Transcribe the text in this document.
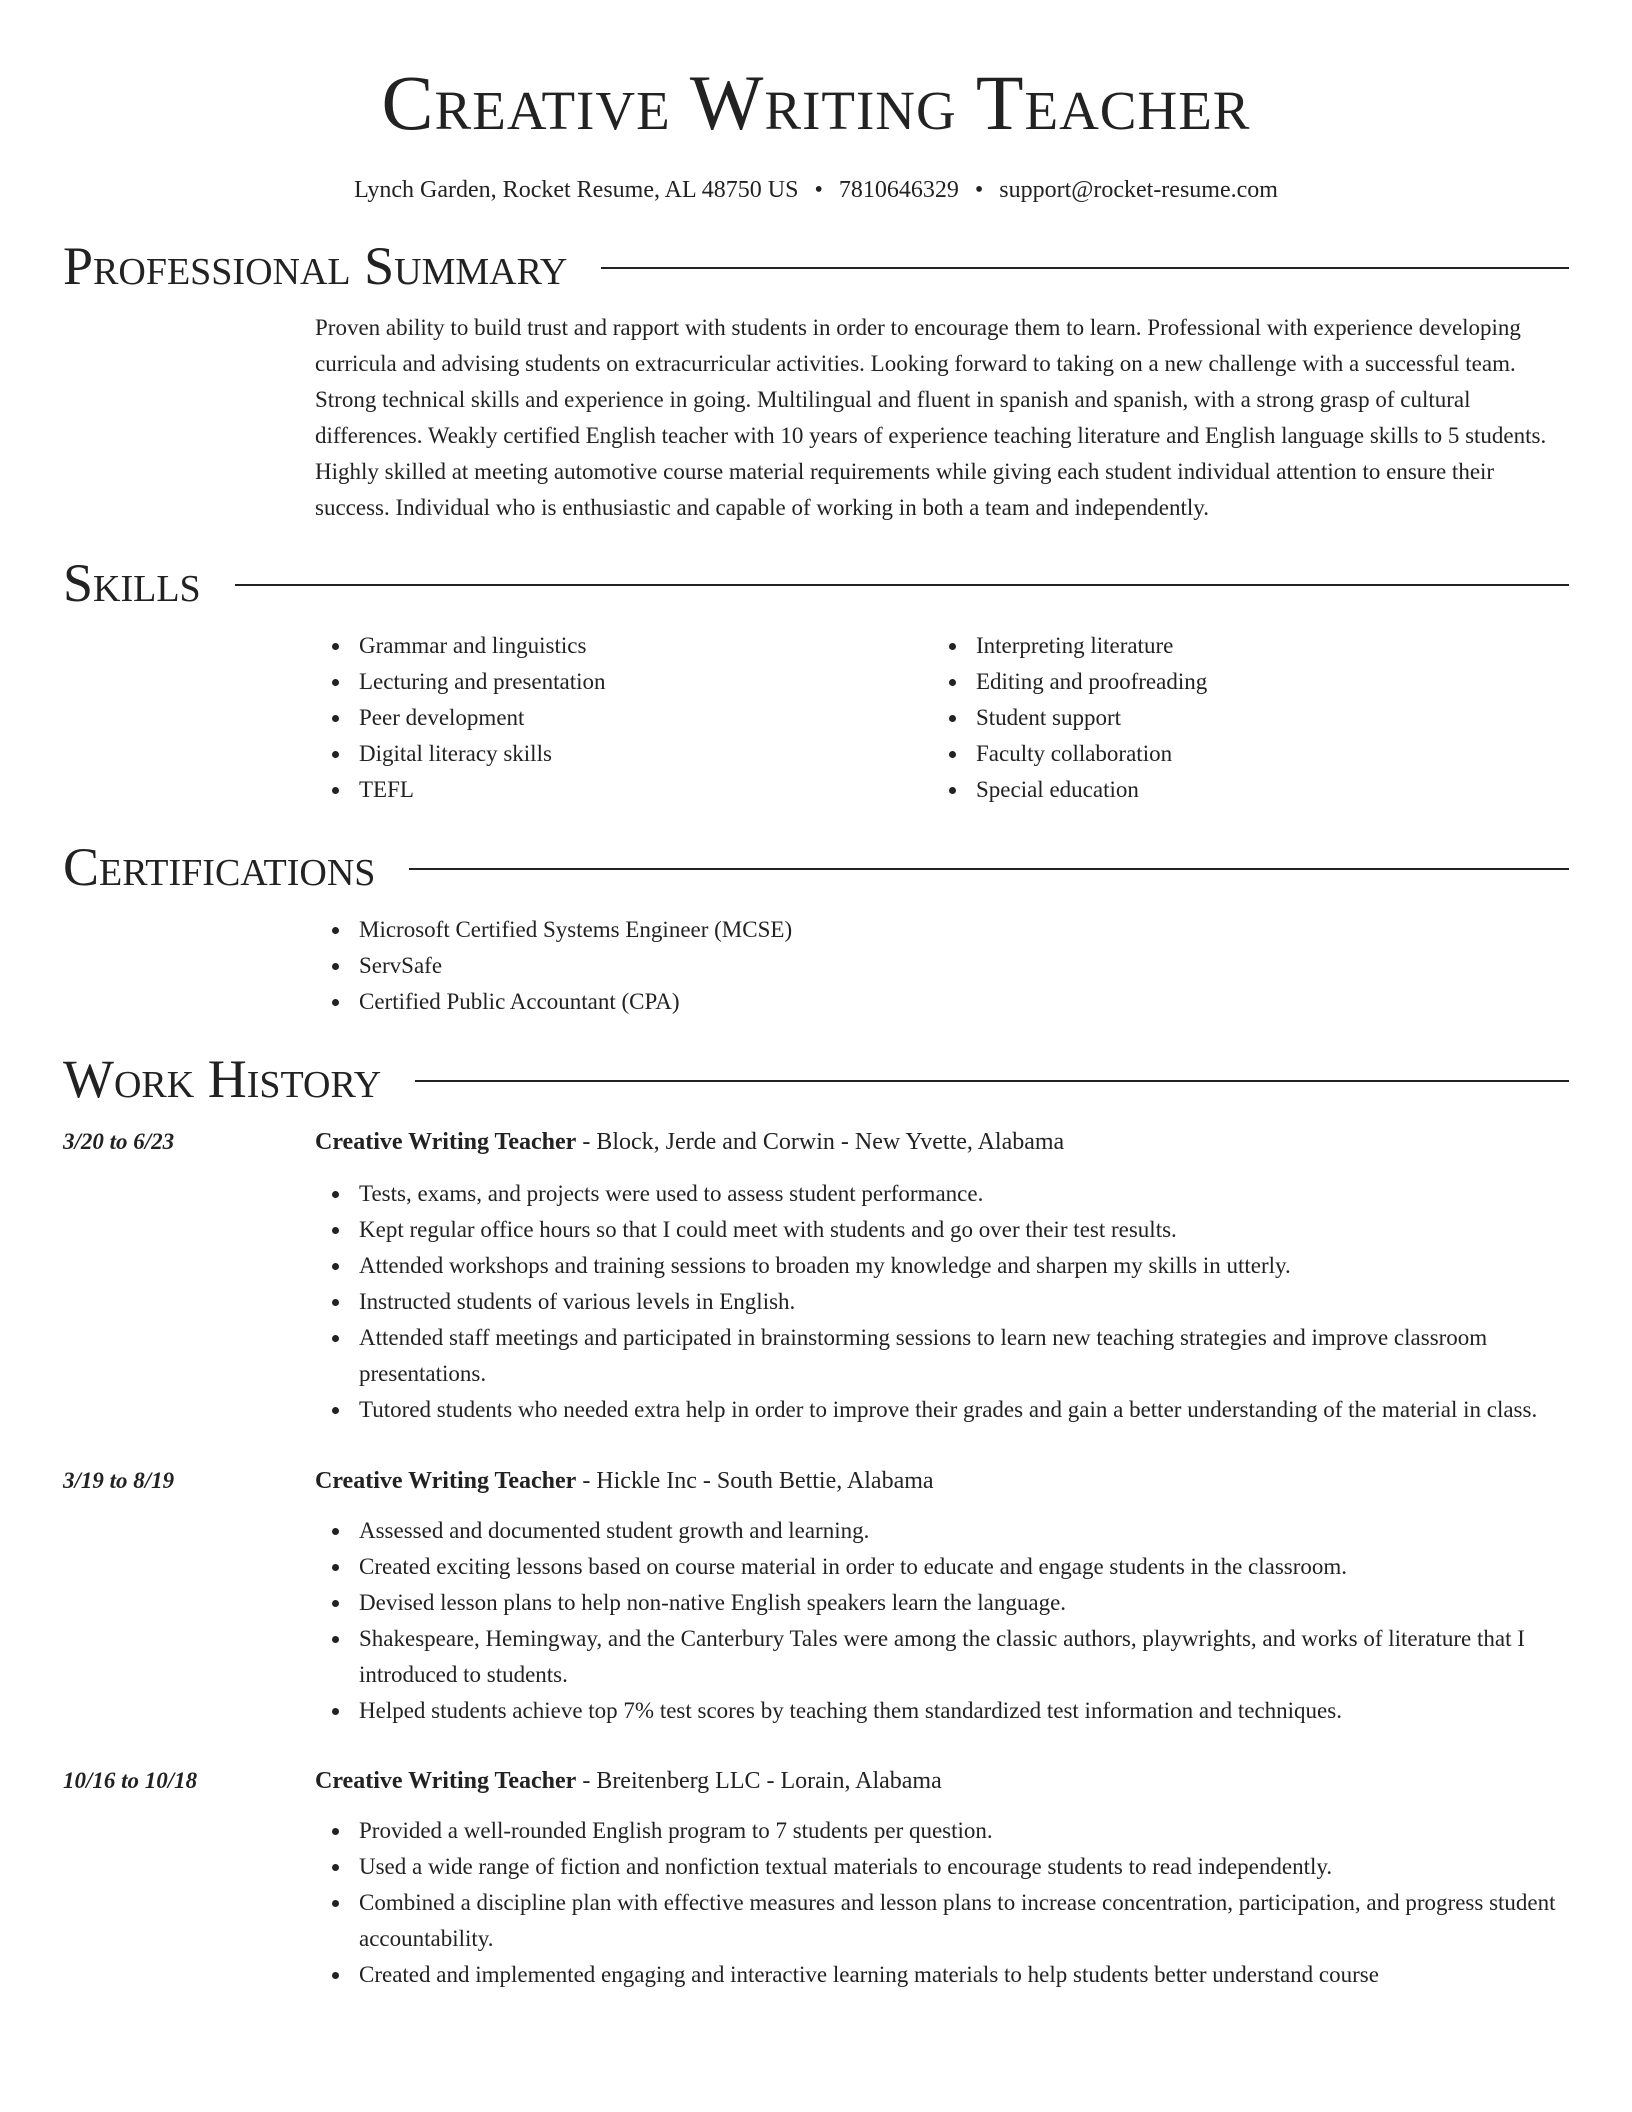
Creative Writing Teacher
Lynch Garden, Rocket Resume, AL 48750 US • 7810646329 • support@rocket-resume.com
Professional Summary

Proven ability to build trust and rapport with students in order to encourage them to learn. Professional with experience developing curricula and advising students on extracurricular activities. Looking forward to taking on a new challenge with a successful team. Strong technical skills and experience in going. Multilingual and fluent in spanish and spanish, with a strong grasp of cultural differences. Weakly certified English teacher with 10 years of experience teaching literature and English language skills to 5 students. Highly skilled at meeting automotive course material requirements while giving each student individual attention to ensure their success. Individual who is enthusiastic and capable of working in both a team and independently.

Skills
Grammar and linguistics
Lecturing and presentation
Peer development
Digital literacy skills
TEFL
Interpreting literature
Editing and proofreading
Student support
Faculty collaboration
Special education
Certifications
Microsoft Certified Systems Engineer (MCSE)
ServSafe
Certified Public Accountant (CPA)
Work History
3/20 to 6/23	Creative Writing Teacher - Block, Jerde and Corwin - New Yvette, Alabama
Tests, exams, and projects were used to assess student performance.
Kept regular office hours so that I could meet with students and go over their test results.
Attended workshops and training sessions to broaden my knowledge and sharpen my skills in utterly.
Instructed students of various levels in English.
Attended staff meetings and participated in brainstorming sessions to learn new teaching strategies and improve classroom presentations.
Tutored students who needed extra help in order to improve their grades and gain a better understanding of the material in class.
3/19 to 8/19	Creative Writing Teacher - Hickle Inc - South Bettie, Alabama
Assessed and documented student growth and learning.
Created exciting lessons based on course material in order to educate and engage students in the classroom.
Devised lesson plans to help non-native English speakers learn the language.
Shakespeare, Hemingway, and the Canterbury Tales were among the classic authors, playwrights, and works of literature that I introduced to students.
Helped students achieve top 7% test scores by teaching them standardized test information and techniques.
10/16 to 10/18	Creative Writing Teacher - Breitenberg LLC - Lorain, Alabama
Provided a well-rounded English program to 7 students per question.
Used a wide range of fiction and nonfiction textual materials to encourage students to read independently.
Combined a discipline plan with effective measures and lesson plans to increase concentration, participation, and progress student accountability.
Created and implemented engaging and interactive learning materials to help students better understand course
